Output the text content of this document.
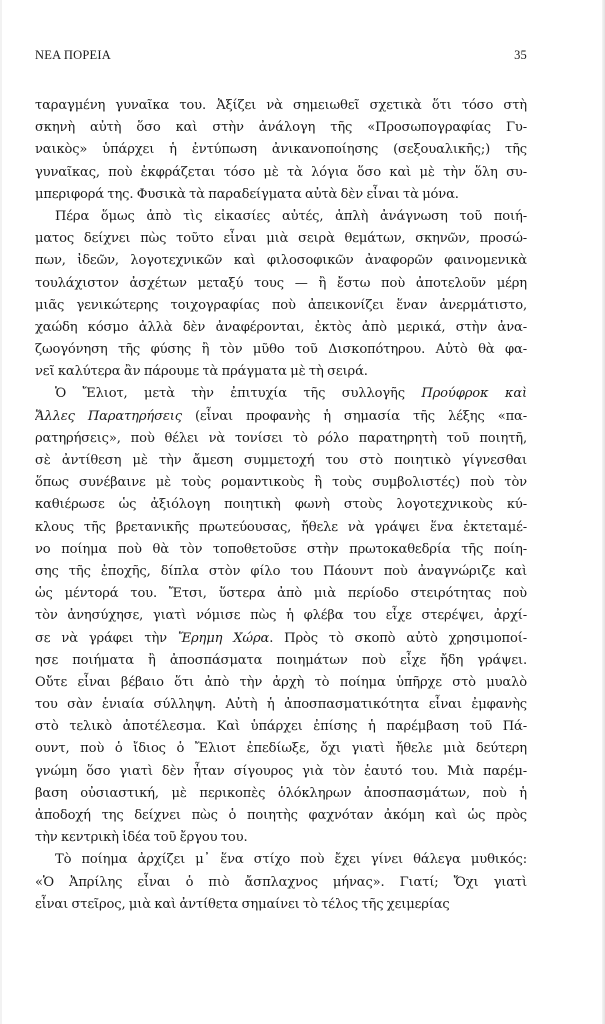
ΝΕΑ ΠΟΡΕΙΑ	35
ταραγμένη γυναῖκα του. Ἀξίζει νὰ σημειωθεῖ σχετικὰ ὅτι τόσο στὴ
σκηνὴ αὐτὴ ὅσο καὶ στὴν ἀνάλογη τῆς «Προσωπογραφίας Γυ-
ναικὸς» ὑπάρχει ἡ ἐντύπωση ἀνικανοποίησης (σεξουαλικῆς;) τῆς
γυναῖκας, ποὺ ἐκφράζεται τόσο μὲ τὰ λόγια ὅσο καὶ μὲ τὴν ὅλη συ-
μπεριφορά της. Φυσικὰ τὰ παραδείγματα αὐτὰ δὲν εἶναι τὰ μόνα.
Πέρα ὅμως ἀπὸ τὶς εἰκασίες αὐτές, ἁπλὴ ἀνάγνωση τοῦ ποιή-
ματος δείχνει πὼς τοῦτο εἶναι μιὰ σειρὰ θεμάτων, σκηνῶν, προσώ-
πων, ἰδεῶν, λογοτεχνικῶν καὶ φιλοσοφικῶν ἀναφορῶν φαινομενικὰ
τουλάχιστον ἀσχέτων μεταξύ τους — ἢ ἔστω ποὺ ἀποτελοῦν μέρη
μιᾶς γενικώτερης τοιχογραφίας ποὺ ἀπεικονίζει ἕναν ἀνερμάτιστο,
χαώδη κόσμο ἀλλὰ δὲν ἀναφέρονται, ἐκτὸς ἀπὸ μερικά, στὴν ἀνα-
ζωογόνηση τῆς φύσης ἢ τὸν μῦθο τοῦ Δισκοπότηρου. Αὐτὸ θὰ φα-
νεῖ καλύτερα ἂν πάρουμε τὰ πράγματα μὲ τὴ σειρά.
Ὁ Ἔλιοτ, μετὰ τὴν ἐπιτυχία τῆς συλλογῆς Προύφροκ καὶ
Ἄλλες Παρατηρήσεις (εἶναι προφανὴς ἡ σημασία τῆς λέξης «πα-
ρατηρήσεις», ποὺ θέλει νὰ τονίσει τὸ ρόλο παρατηρητὴ τοῦ ποιητῆ,
σὲ ἀντίθεση μὲ τὴν ἄμεση συμμετοχή του στὸ ποιητικὸ γίγνεσθαι
ὅπως συνέβαινε μὲ τοὺς ρομαντικοὺς ἢ τοὺς συμβολιστές) ποὺ τὸν
καθιέρωσε ὡς ἀξιόλογη ποιητικὴ φωνὴ στοὺς λογοτεχνικοὺς κύ-
κλους τῆς βρετανικῆς πρωτεύουσας, ἤθελε νὰ γράψει ἕνα ἐκτεταμέ-
νο ποίημα ποὺ θὰ τὸν τοποθετοῦσε στὴν πρωτοκαθεδρία τῆς ποίη-
σης τῆς ἐποχῆς, δίπλα στὸν φίλο του Πάουντ ποὺ ἀναγνώριζε καὶ
ὡς μέντορά του. Ἔτσι, ὕστερα ἀπὸ μιὰ περίοδο στειρότητας ποὺ
τὸν ἀνησύχησε, γιατὶ νόμισε πὼς ἡ φλέβα του εἶχε στερέψει, ἀρχί-
σε νὰ γράφει τὴν Ἔρημη Χώρα. Πρὸς τὸ σκοπὸ αὐτὸ χρησιμοποί-
ησε ποιήματα ἢ ἀποσπάσματα ποιημάτων ποὺ εἶχε ἤδη γράψει.
Οὔτε εἶναι βέβαιο ὅτι ἀπὸ τὴν ἀρχὴ τὸ ποίημα ὑπῆρχε στὸ μυαλὸ
του σὰν ἑνιαία σύλληψη. Αὐτὴ ἡ ἀποσπασματικότητα εἶναι ἐμφανὴς
στὸ τελικὸ ἀποτέλεσμα. Καὶ ὑπάρχει ἐπίσης ἡ παρέμβαση τοῦ Πά-
ουντ, ποὺ ὁ ἴδιος ὁ Ἔλιοτ ἐπεδίωξε, ὄχι γιατὶ ἤθελε μιὰ δεύτερη
γνώμη ὅσο γιατὶ δὲν ἦταν σίγουρος γιὰ τὸν ἑαυτό του. Μιὰ παρέμ-
βαση οὐσιαστική, μὲ περικοπὲς ὁλόκληρων ἀποσπασμάτων, ποὺ ἡ
ἀποδοχή της δείχνει πὼς ὁ ποιητὴς φαχνόταν ἀκόμη καὶ ὡς πρὸς
τὴν κεντρικὴ ἰδέα τοῦ ἔργου του.
Τὸ ποίημα ἀρχίζει μ᾽ ἕνα στίχο ποὺ ἔχει γίνει θάλεγα μυθικός:
«Ὁ Ἀπρίλης εἶναι ὁ πιὸ ἄσπλαχνος μήνας». Γιατί; Ὄχι γιατὶ
εἶναι στεῖρος, μιὰ καὶ ἀντίθετα σημαίνει τὸ τέλος τῆς χειμερίας
